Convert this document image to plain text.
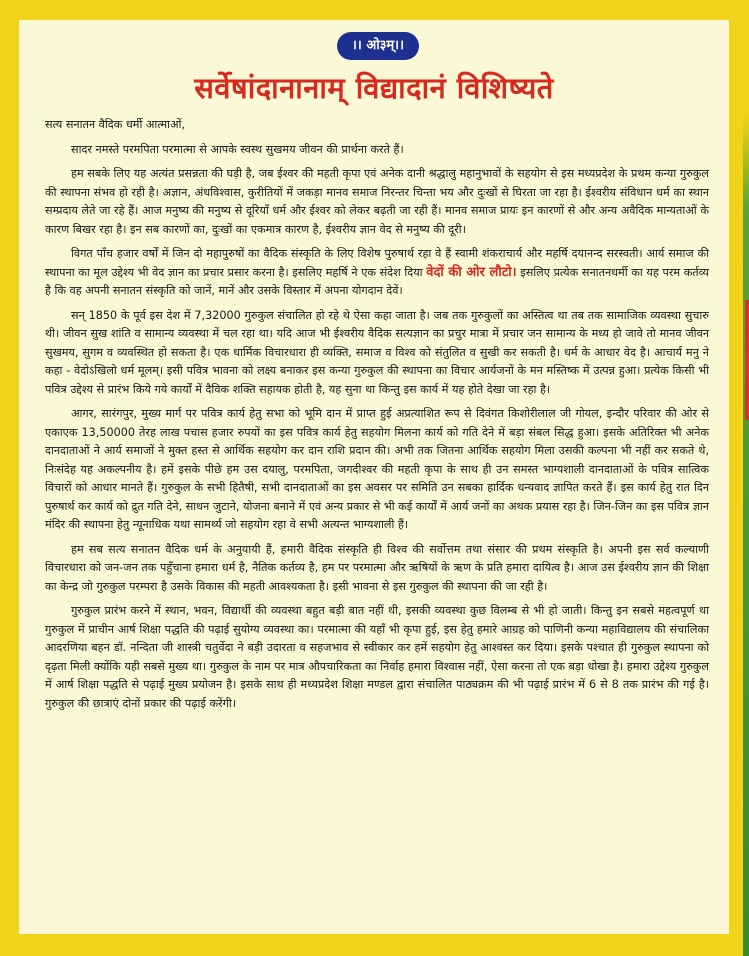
।। ओ३म्।।
सर्वेषांदानानाम् विद्यादानं विशिष्यते

सत्य सनातन वैदिक धर्मी आत्माओं,

सादर नमस्ते परमपिता परमात्मा से आपके स्वस्थ सुखमय जीवन की प्रार्थना करते हैं।

हम सबके लिए यह अत्यंत प्रसन्नता की घड़ी है, जब ईश्वर की महती कृपा एवं अनेक दानी श्रद्धालु महानुभावों के सहयोग से इस मध्यप्रदेश के प्रथम कन्या गुरुकुल की स्थापना संभव हो रही है। अज्ञान, अंधविश्वास, कुरीतियों में जकड़ा मानव समाज निरन्तर चिन्ता भय और दुःखों से घिरता जा रहा है। ईश्वरीय संविधान धर्म का स्थान सम्प्रदाय लेते जा रहे हैं। आज मनुष्य की मनुष्य से दूरियाँ धर्म और ईश्वर को लेकर बढ़ती जा रही हैं। मानव समाज प्रायः इन कारणों से और अन्य अवैदिक मान्यताओं के कारण बिखर रहा है। इन सब कारणों का, दुःखों का एकमात्र कारण है, ईश्वरीय ज्ञान वेद से मनुष्य की दूरी।

विगत पाँच हजार वर्षों में जिन दो महापुरुषों का वैदिक संस्कृति के लिए विशेष पुरुषार्थ रहा वे हैं स्वामी शंकराचार्य और महर्षि दयानन्द सरस्वती। आर्य समाज की स्थापना का मूल उद्देश्य भी वेद ज्ञान का प्रचार प्रसार करना है। इसलिए महर्षि ने एक संदेश दिया वेदों की ओर लौटो। इसलिए प्रत्येक सनातनधर्मी का यह परम कर्तव्य है कि वह अपनी सनातन संस्कृति को जानें, मानें और उसके विस्तार में अपना योगदान देवें।

सन् 1850 के पूर्व इस देश में 7,32000 गुरुकुल संचालित हो रहे थे ऐसा कहा जाता है। जब तक गुरुकुलों का अस्तित्व था तब तक सामाजिक व्यवस्था सुचारु थी। जीवन सुख शांति व सामान्य व्यवस्था में चल रहा था। यदि आज भी ईश्वरीय वैदिक सत्यज्ञान का प्रचुर मात्रा में प्रचार जन सामान्य के मध्य हो जावे तो मानव जीवन सुखमय, सुगम व व्यवस्थित हो सकता है। एक धार्मिक विचारधारा ही व्यक्ति, समाज व विश्व को संतुलित व सुखी कर सकती है। धर्म के आधार वेद है। आचार्य मनु ने कहा - वेदोऽखिलो धर्म मूलम्। इसी पवित्र भावना को लक्ष्य बनाकर इस कन्या गुरुकुल की स्थापना का विचार आर्यजनों के मन मस्तिष्क में उत्पन्न हुआ। प्रत्येक किसी भी पवित्र उद्देश्य से प्रारंभ किये गये कार्यों में दैविक शक्ति सहायक होती है, यह सुना था किन्तु इस कार्य में यह होते देखा जा रहा है।

आगर, सारंगपुर, मुख्य मार्ग पर पवित्र कार्य हेतु सभा को भूमि दान में प्राप्त हुई अप्रत्याशित रूप से दिवंगत किशोरीलाल जी गोयल, इन्दौर परिवार की ओर से एकाएक 13,50000 तेरह लाख पचास हजार रुपयों का इस पवित्र कार्य हेतु सहयोग मिलना कार्य को गति देने में बड़ा संबल सिद्ध हुआ। इसके अतिरिक्त भी अनेक दानदाताओं ने आर्य समाजों ने मुक्त हस्त से आर्थिक सहयोग कर दान राशि प्रदान की। अभी तक जितना आर्थिक सहयोग मिला उसकी कल्पना भी नहीं कर सकते थे, निःसंदेह यह अकल्पनीय है। हमें इसके पीछे हम उस दयालु, परमपिता, जगदीश्वर की महती कृपा के साथ ही उन समस्त भाग्यशाली दानदाताओं के पवित्र सात्विक विचारों को आधार मानते हैं। गुरुकुल के सभी हितैषी, सभी दानदाताओं का इस अवसर पर समिति उन सबका हार्दिक धन्यवाद ज्ञापित करते हैं। इस कार्य हेतु रात दिन पुरुषार्थ कर कार्य को द्रुत गति देने, साधन जुटाने, योजना बनाने में एवं अन्य प्रकार से भी कई कार्यों में आर्य जनों का अथक प्रयास रहा है। जिन-जिन का इस पवित्र ज्ञान मंदिर की स्थापना हेतु न्यूनाधिक यथा सामर्थ्य जो सहयोग रहा वे सभी अत्यन्त भाग्यशाली हैं।

हम सब सत्य सनातन वैदिक धर्म के अनुयायी हैं, हमारी वैदिक संस्कृति ही विश्व की सर्वोत्तम तथा संसार की प्रथम संस्कृति है। अपनी इस सर्व कल्याणी विचारधारा को जन-जन तक पहुँचाना हमारा धर्म है, नैतिक कर्तव्य है, हम पर परमात्मा और ऋषियों के ऋण के प्रति हमारा दायित्व है। आज उस ईश्वरीय ज्ञान की शिक्षा का केन्द्र जो गुरुकुल परम्परा है उसके विकास की महती आवश्यकता है। इसी भावना से इस गुरुकुल की स्थापना की जा रही है।

गुरुकुल प्रारंभ करने में स्थान, भवन, विद्यार्थी की व्यवस्था बहुत बड़ी बात नहीं थी, इसकी व्यवस्था कुछ विलम्ब से भी हो जाती। किन्तु इन सबसे महत्वपूर्ण था गुरुकुल में प्राचीन आर्ष शिक्षा पद्धति की पढ़ाई सुयोग्य व्यवस्था का। परमात्मा की यहाँ भी कृपा हुई, इस हेतु हमारे आग्रह को पाणिनी कन्या महाविद्यालय की संचालिका आदरणिया बहन डॉ. नन्दिता जी शास्त्री चतुर्वेदा ने बड़ी उदारता व सहजभाव से स्वीकार कर हमें सहयोग हेतु आश्वस्त कर दिया। इसके पश्चात ही गुरुकुल स्थापना को दृढ़ता मिली क्योंकि यही सबसे मुख्य था। गुरुकुल के नाम पर मात्र औपचारिकता का निर्वाह हमारा विश्वास नहीं, ऐसा करना तो एक बड़ा धोखा है। हमारा उद्देश्य गुरुकुल में आर्ष शिक्षा पद्धति से पढ़ाई मुख्य प्रयोजन है। इसके साथ ही मध्यप्रदेश शिक्षा मण्डल द्वारा संचालित पाठ्यक्रम की भी पढ़ाई प्रारंभ में 6 से 8 तक प्रारंभ की गई है। गुरुकुल की छात्राएं दोनों प्रकार की पढ़ाई करेंगी।
